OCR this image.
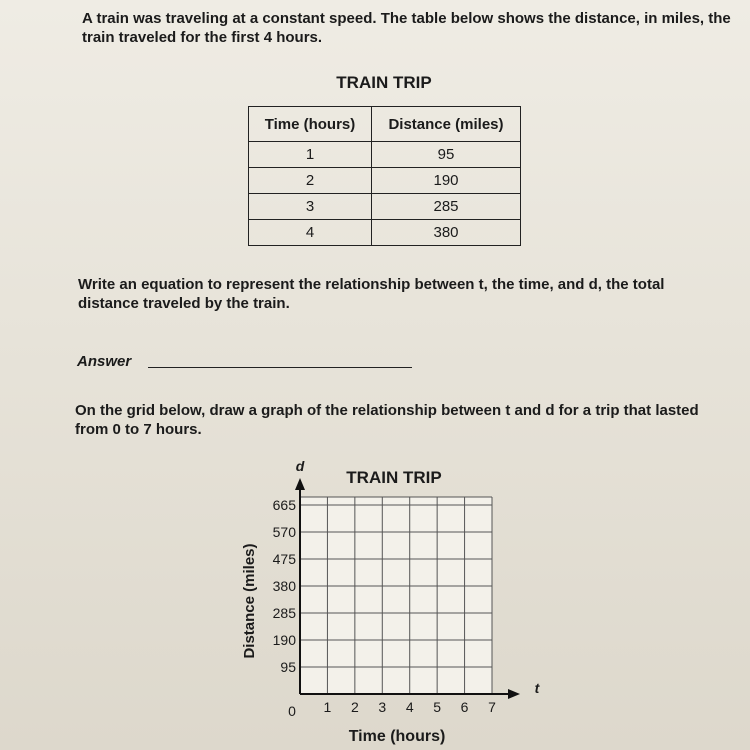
A train was traveling at a constant speed. The table below shows the distance, in miles, the train traveled for the first 4 hours.
TRAIN TRIP
Time (hours)	Distance (miles)
1	95
2	190
3	285
4	380
Write an equation to represent the relationship between t, the time, and d, the total distance traveled by the train.
Answer
On the grid below, draw a graph of the relationship between t and d for a trip that lasted from 0 to 7 hours.
95
190
285
380
475
570
665
0 1 2 3 4 5 6 7
d
t
TRAIN TRIP
Time (hours)
Distance (miles)
